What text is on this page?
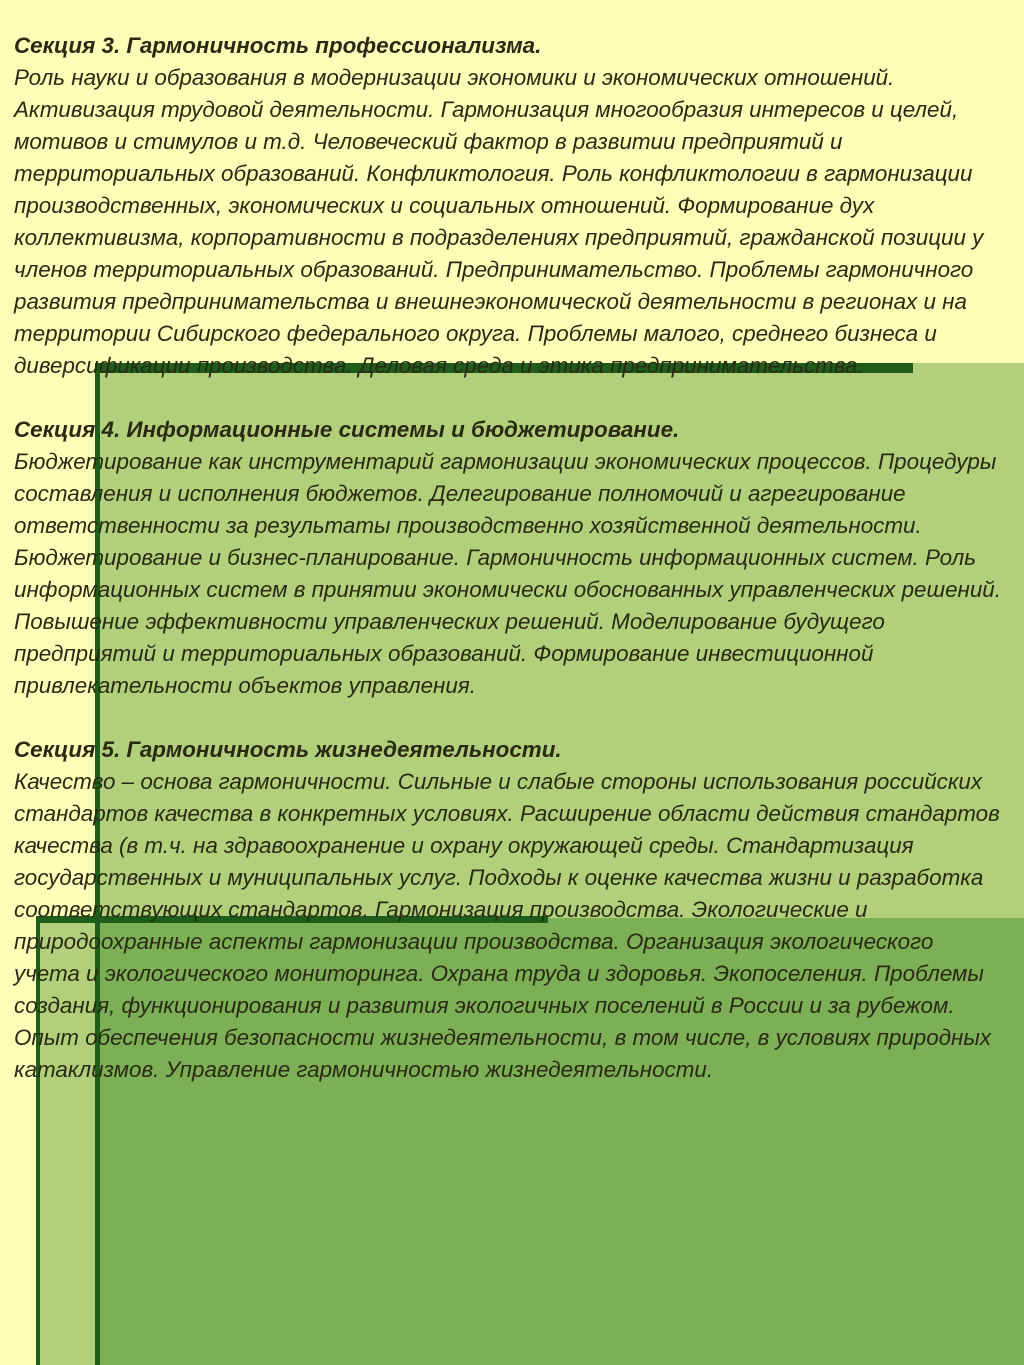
Секция 3. Гармоничность профессионализма.
Роль науки и образования в модернизации экономики и экономических отношений. Активизация трудовой деятельности. Гармонизация многообразия интересов и целей, мотивов и стимулов и т.д. Человеческий фактор в развитии предприятий и территориальных образований. Конфликтология. Роль конфликтологии в гармонизации производственных, экономических и социальных отношений. Формирование дух коллективизма, корпоративности в подразделениях предприятий, гражданской позиции у членов территориальных образований. Предпринимательство. Проблемы гармоничного развития предпринимательства и внешнеэкономической деятельности в регионах и на территории Сибирского федерального округа. Проблемы малого, среднего бизнеса и диверсификации производства. Деловая среда и этика предпринимательства.
Секция 4. Информационные системы и бюджетирование.
Бюджетирование как инструментарий гармонизации экономических процессов. Процедуры составления и исполнения бюджетов. Делегирование полномочий и агрегирование ответственности за результаты производственно хозяйственной деятельности. Бюджетирование и бизнес-планирование. Гармоничность информационных систем. Роль информационных систем в принятии экономически обоснованных управленческих решений. Повышение эффективности управленческих решений. Моделирование будущего предприятий и территориальных образований. Формирование инвестиционной привлекательности объектов управления.
Секция 5. Гармоничность жизнедеятельности.
Качество – основа гармоничности. Сильные и слабые стороны использования российских стандартов качества в конкретных условиях. Расширение области действия стандартов качества (в т.ч. на здравоохранение и охрану окружающей среды. Стандартизация государственных и муниципальных услуг. Подходы к оценке качества жизни и разработка соответствующих стандартов. Гармонизация производства. Экологические и природоохранные аспекты гармонизации производства. Организация экологического учета и экологического мониторинга. Охрана труда и здоровья. Экопоселения. Проблемы создания, функционирования и развития экологичных поселений в России и за рубежом. Опыт обеспечения безопасности жизнедеятельности, в том числе, в условиях природных катаклизмов. Управление гармоничностью жизнедеятельности.
